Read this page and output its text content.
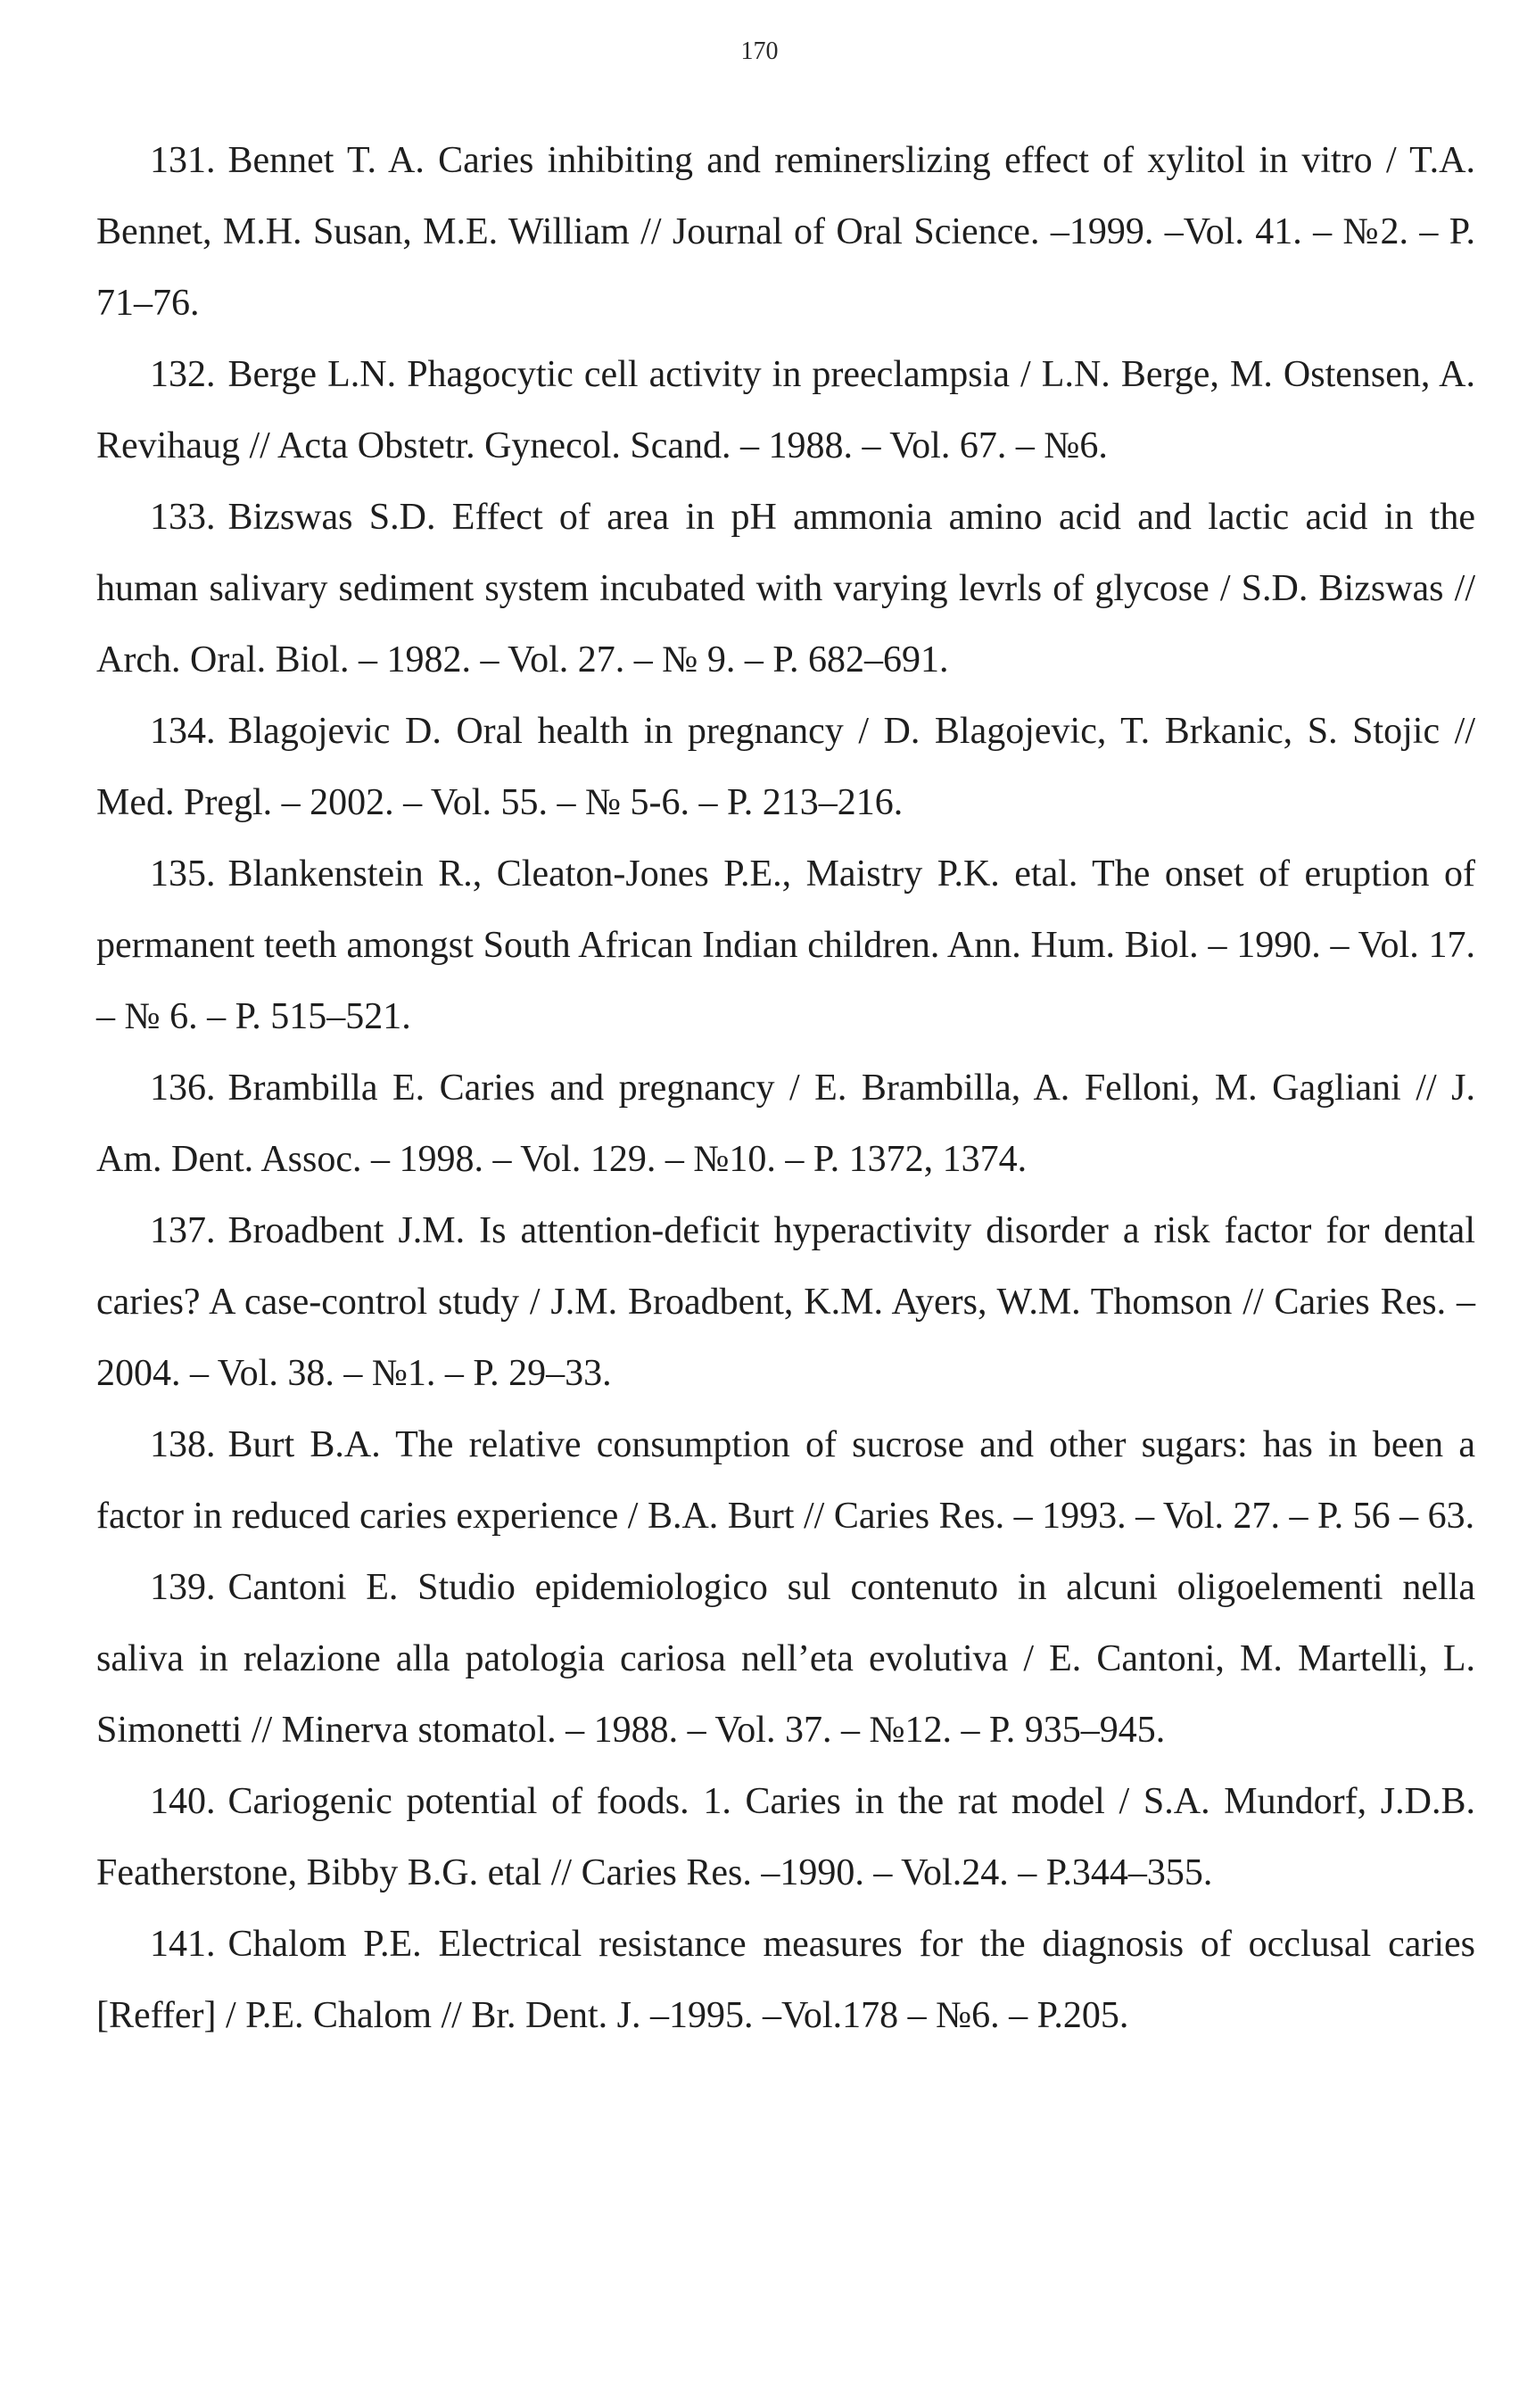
170
131. Bennet T. A. Caries inhibiting and reminerslizing effect of xylitol in vitro / T.A. Bennet, M.H. Susan, M.E. William // Journal of Oral Science. –1999. –Vol. 41. – №2. – P. 71–76.
132. Berge L.N. Phagocytic cell activity in preeclampsia / L.N. Berge, M. Ostensen, A. Revihaug // Acta Obstetr. Gynecol. Scand. – 1988. – Vol. 67. – №6.
133. Bizswas S.D. Effect of area in pH ammonia amino acid and lactic acid in the human salivary sediment system incubated with varying levrls of glycose / S.D. Bizswas // Arch. Oral. Biol. – 1982. – Vol. 27. – № 9. – P. 682–691.
134. Blagojevic D. Oral health in pregnancy / D. Blagojevic, T. Brkanic, S. Stojic // Med. Pregl. – 2002. – Vol. 55. – № 5-6. – P. 213–216.
135. Blankenstein R., Cleaton-Jones P.E., Maistry P.K. etal. The onset of eruption of permanent teeth amongst South African Indian children. Ann. Hum. Biol. – 1990. – Vol. 17. – № 6. – P. 515–521.
136. Brambilla E. Caries and pregnancy / E. Brambilla, A. Felloni, M. Gagliani // J. Am. Dent. Assoc. – 1998. – Vol. 129. – №10. – P. 1372, 1374.
137. Broadbent J.M. Is attention-deficit hyperactivity disorder a risk factor for dental caries? A case-control study / J.M. Broadbent, K.M. Ayers, W.M. Thomson // Caries Res. – 2004. – Vol. 38. – №1. – P. 29–33.
138. Burt B.A. The relative consumption of sucrose and other sugars: has in been a factor in reduced caries experience / B.A. Burt // Caries Res. – 1993. – Vol. 27. – P. 56 – 63.
139. Cantoni E. Studio epidemiologico sul contenuto in alcuni oligoelementi nella saliva in relazione alla patologia cariosa nell’eta evolutiva / E. Cantoni, M. Martelli, L. Simonetti // Minerva stomatol. – 1988. – Vol. 37. – №12. – P. 935–945.
140. Cariogenic potential of foods. 1. Caries in the rat model / S.A. Mundorf, J.D.B. Featherstone, Bibby B.G. etal // Caries Res. –1990. – Vol.24. – P.344–355.
141. Chalom P.E. Electrical resistance measures for the diagnosis of occlusal caries [Reffer] / P.E. Chalom // Br. Dent. J. –1995. –Vol.178 – №6. – P.205.
